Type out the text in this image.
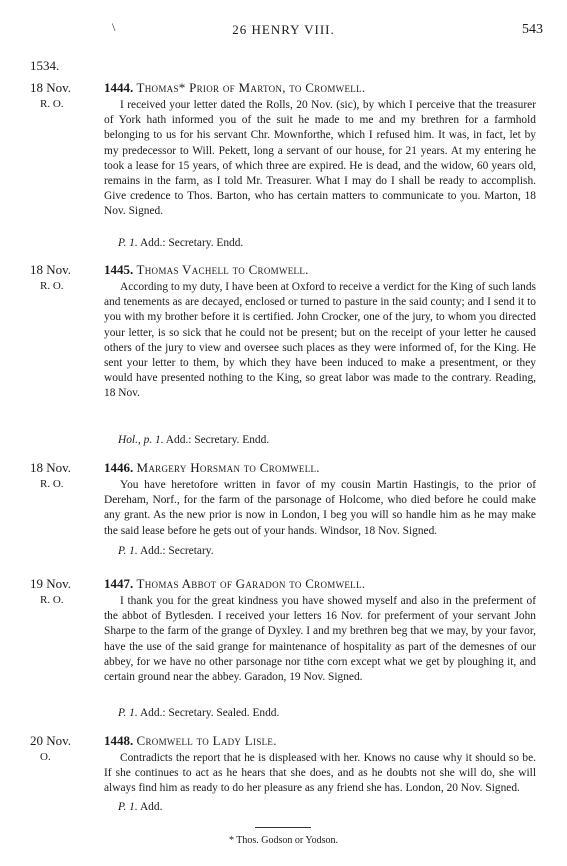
\	26 HENRY VIII.	543
1534.
18 Nov.
R. O.
1444. Thomas* Prior of Marton, to Cromwell.

I received your letter dated the Rolls, 20 Nov. (sic), by which I perceive that the treasurer of York hath informed you of the suit he made to me and my brethren for a farmhold belonging to us for his servant Chr. Mownforthe, which I refused him. It was, in fact, let by my predecessor to Will. Pekett, long a servant of our house, for 21 years. At my entering he took a lease for 15 years, of which three are expired. He is dead, and the widow, 60 years old, remains in the farm, as I told Mr. Treasurer. What I may do I shall be ready to accomplish. Give credence to Thos. Barton, who has certain matters to communicate to you. Marton, 18 Nov. Signed.

P. 1. Add.: Secretary. Endd.
18 Nov.
R. O.
1445. Thomas Vachell to Cromwell.

According to my duty, I have been at Oxford to receive a verdict for the King of such lands and tenements as are decayed, enclosed or turned to pasture in the said county; and I send it to you with my brother before it is certified. John Crocker, one of the jury, to whom you directed your letter, is so sick that he could not be present; but on the receipt of your letter he caused others of the jury to view and oversee such places as they were informed of, for the King. He sent your letter to them, by which they have been induced to make a presentment, or they would have presented nothing to the King, so great labor was made to the contrary. Reading, 18 Nov.

Hol., p. 1. Add.: Secretary. Endd.
18 Nov.
R. O.
1446. Margery Horsman to Cromwell.

You have heretofore written in favor of my cousin Martin Hastingis, to the prior of Dereham, Norf., for the farm of the parsonage of Holcome, who died before he could make any grant. As the new prior is now in London, I beg you will so handle him as he may make the said lease before he gets out of your hands. Windsor, 18 Nov. Signed.

P. 1. Add.: Secretary.
19 Nov.
R. O.
1447. Thomas Abbot of Garadon to Cromwell.

I thank you for the great kindness you have showed myself and also in the preferment of the abbot of Bytlesden. I received your letters 16 Nov. for preferment of your servant John Sharpe to the farm of the grange of Dyxley. I and my brethren beg that we may, by your favor, have the use of the said grange for maintenance of hospitality as part of the demesnes of our abbey, for we have no other parsonage nor tithe corn except what we get by ploughing it, and certain ground near the abbey. Garadon, 19 Nov. Signed.

P. 1. Add.: Secretary. Sealed. Endd.
20 Nov.
O.
1448. Cromwell to Lady Lisle.

Contradicts the report that he is displeased with her. Knows no cause why it should so be. If she continues to act as he hears that she does, and as he doubts not she will do, she will always find him as ready to do her pleasure as any friend she has. London, 20 Nov. Signed.

P. 1. Add.
* Thos. Godson or Yodson.
